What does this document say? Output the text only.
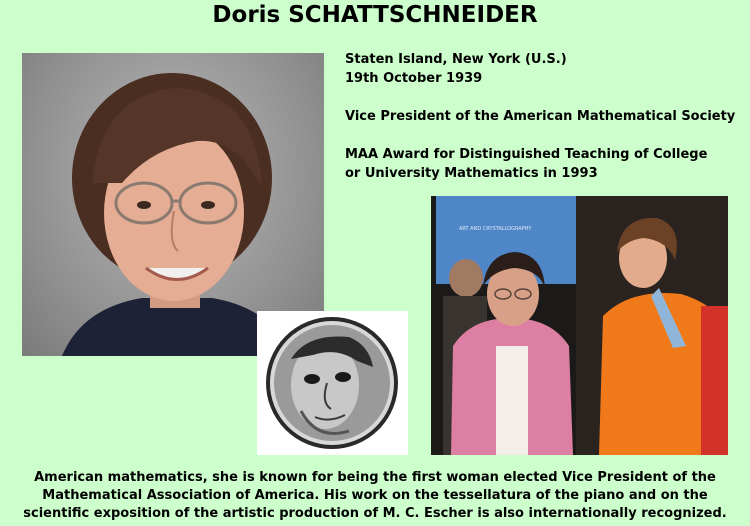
Doris SCHATTSCHNEIDER

Staten Island, New York (U.S.)
19th October 1939

Vice President of the American Mathematical Society

MAA Award for Distinguished Teaching of College
or University Mathematics in 1993

ART AND CRYSTALLOGRAPHY
American mathematics, she is known for being the first woman elected Vice President of the
Mathematical Association of America. His work on the tessellatura of the piano and on the
scientific exposition of the artistic production of M. C. Escher is also internationally recognized.
